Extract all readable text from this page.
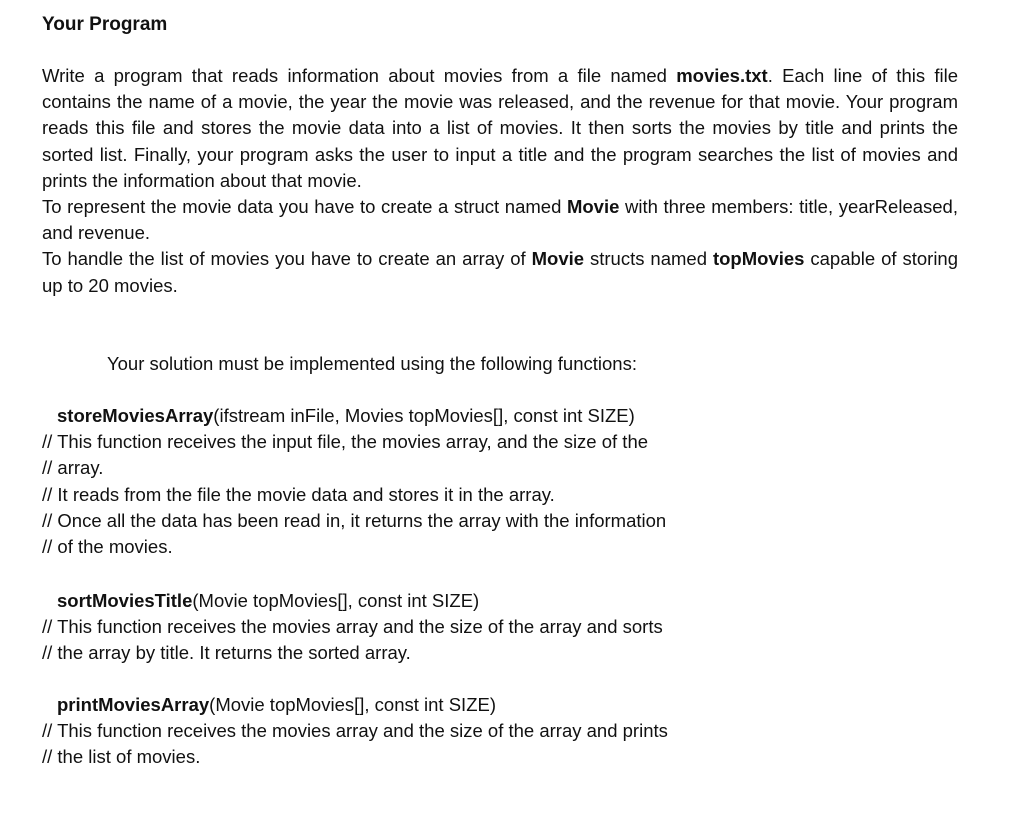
Your Program

Write a program that reads information about movies from a file named movies.txt. Each line of this file contains the name of a movie, the year the movie was released, and the revenue for that movie. Your program reads this file and stores the movie data into a list of movies. It then sorts the movies by title and prints the sorted list. Finally, your program asks the user to input a title and the program searches the list of movies and prints the information about that movie.

To represent the movie data you have to create a struct named Movie with three members: title, yearReleased, and revenue.

To handle the list of movies you have to create an array of Movie structs named topMovies capable of storing up to 20 movies.

Your solution must be implemented using the following functions:
storeMoviesArray(ifstream inFile, Movies topMovies[], const int SIZE)

// This function receives the input file, the movies array, and the size of the

// array.

// It reads from the file the movie data and stores it in the array.

// Once all the data has been read in, it returns the array with the information

// of the movies.

sortMoviesTitle(Movie topMovies[], const int SIZE)

// This function receives the movies array and the size of the array and sorts

// the array by title. It returns the sorted array.

printMoviesArray(Movie topMovies[], const int SIZE)

// This function receives the movies array and the size of the array and prints

// the list of movies.
